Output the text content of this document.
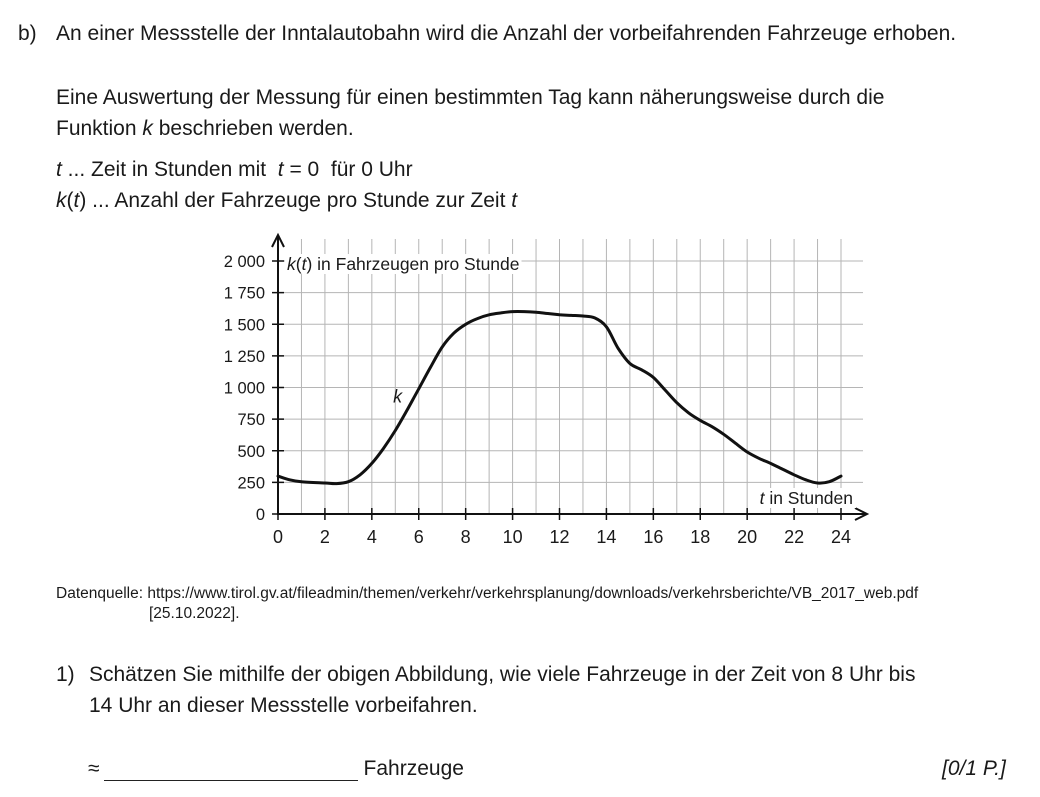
b) An einer Messstelle der Inntalautobahn wird die Anzahl der vorbeifahrenden Fahrzeuge erhoben.
Eine Auswertung der Messung für einen bestimmten Tag kann näherungsweise durch die
Funktion k beschrieben werden.
t ... Zeit in Stunden mit  t = 0  für 0 Uhr
k(t) ... Anzahl der Fahrzeuge pro Stunde zur Zeit t
0
250
500
750
1 000
1 250
1 500
1 750
2 000
0 2 4 6 8 10 12 14 16 18 20 22 24
k(t) in Fahrzeugen pro Stunde
t in Stunden
k
Datenquelle: https://www.tirol.gv.at/fileadmin/themen/verkehr/verkehrsplanung/downloads/verkehrsberichte/VB_2017_web.pdf
[25.10.2022].
1) Schätzen Sie mithilfe der obigen Abbildung, wie viele Fahrzeuge in der Zeit von 8 Uhr bis
14 Uhr an dieser Messstelle vorbeifahren.
≈	Fahrzeuge	[0/1 P.]
